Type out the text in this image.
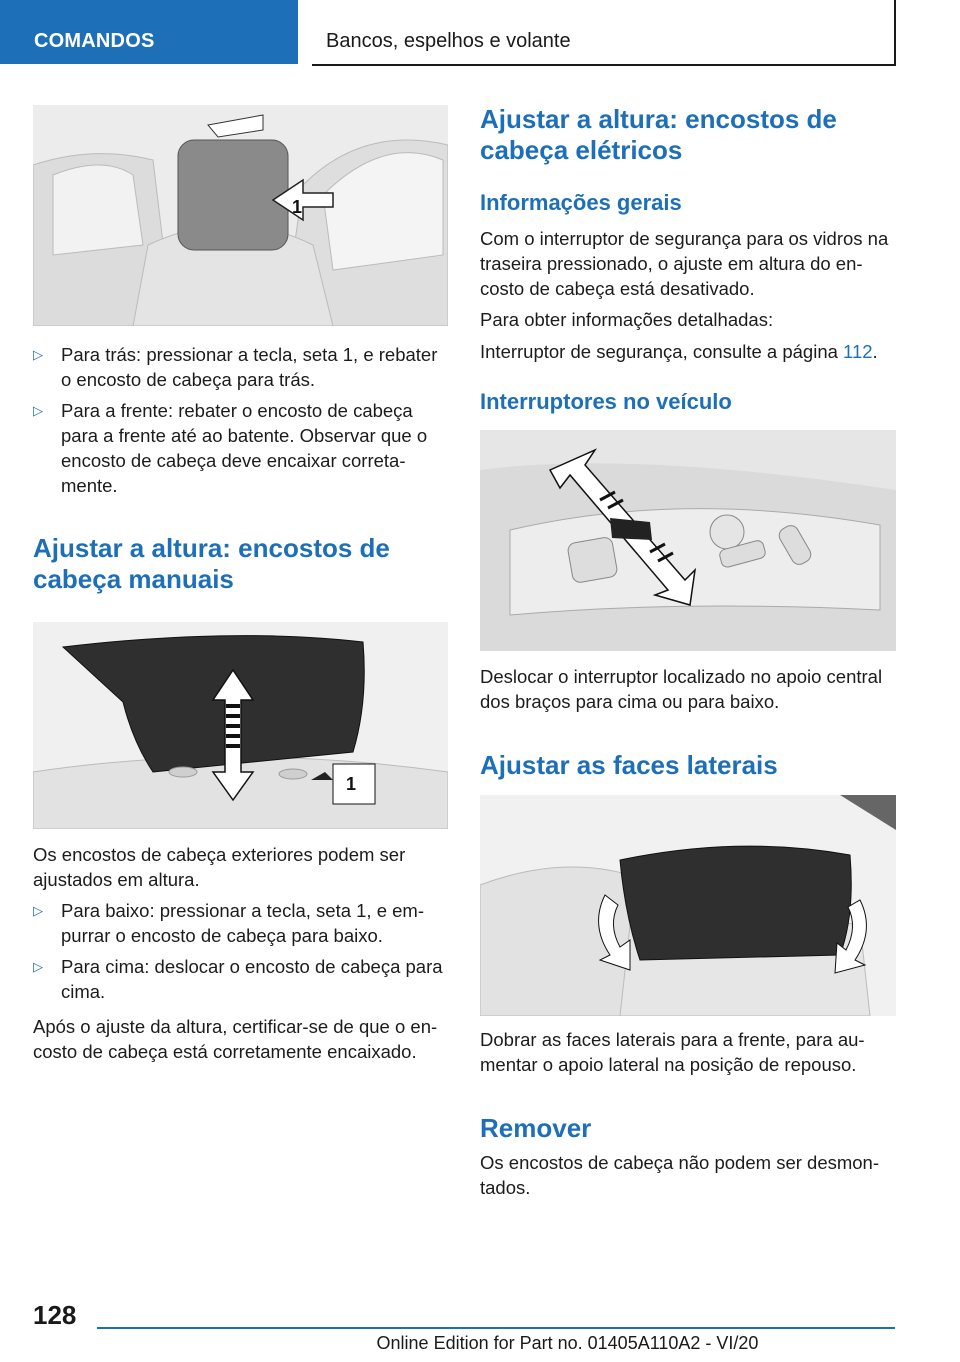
COMANDOS	Bancos, espelhos e volante
1
▷ Para trás: pressionar a tecla, seta 1, e rebater o encosto de cabeça para trás.
▷ Para a frente: rebater o encosto de cabeça para a frente até ao batente. Observar que o encosto de cabeça deve encaixar correta‐ mente.
Ajustar a altura: encostos de cabeça manuais
1
Os encostos de cabeça exteriores podem ser ajustados em altura.
▷ Para baixo: pressionar a tecla, seta 1, e em‐ purrar o encosto de cabeça para baixo.
▷ Para cima: deslocar o encosto de cabeça para cima.
Após o ajuste da altura, certificar-se de que o en‐ costo de cabeça está corretamente encaixado.
Ajustar a altura: encostos de cabeça elétricos
Informações gerais
Com o interruptor de segurança para os vidros na traseira pressionado, o ajuste em altura do en‐ costo de cabeça está desativado.
Para obter informações detalhadas:
Interruptor de segurança, consulte a página 112.
Interruptores no veículo
Deslocar o interruptor localizado no apoio central dos braços para cima ou para baixo.
Ajustar as faces laterais
Dobrar as faces laterais para a frente, para au‐ mentar o apoio lateral na posição de repouso.
Remover
Os encostos de cabeça não podem ser desmon‐ tados.
128
Online Edition for Part no. 01405A110A2 - VI/20
